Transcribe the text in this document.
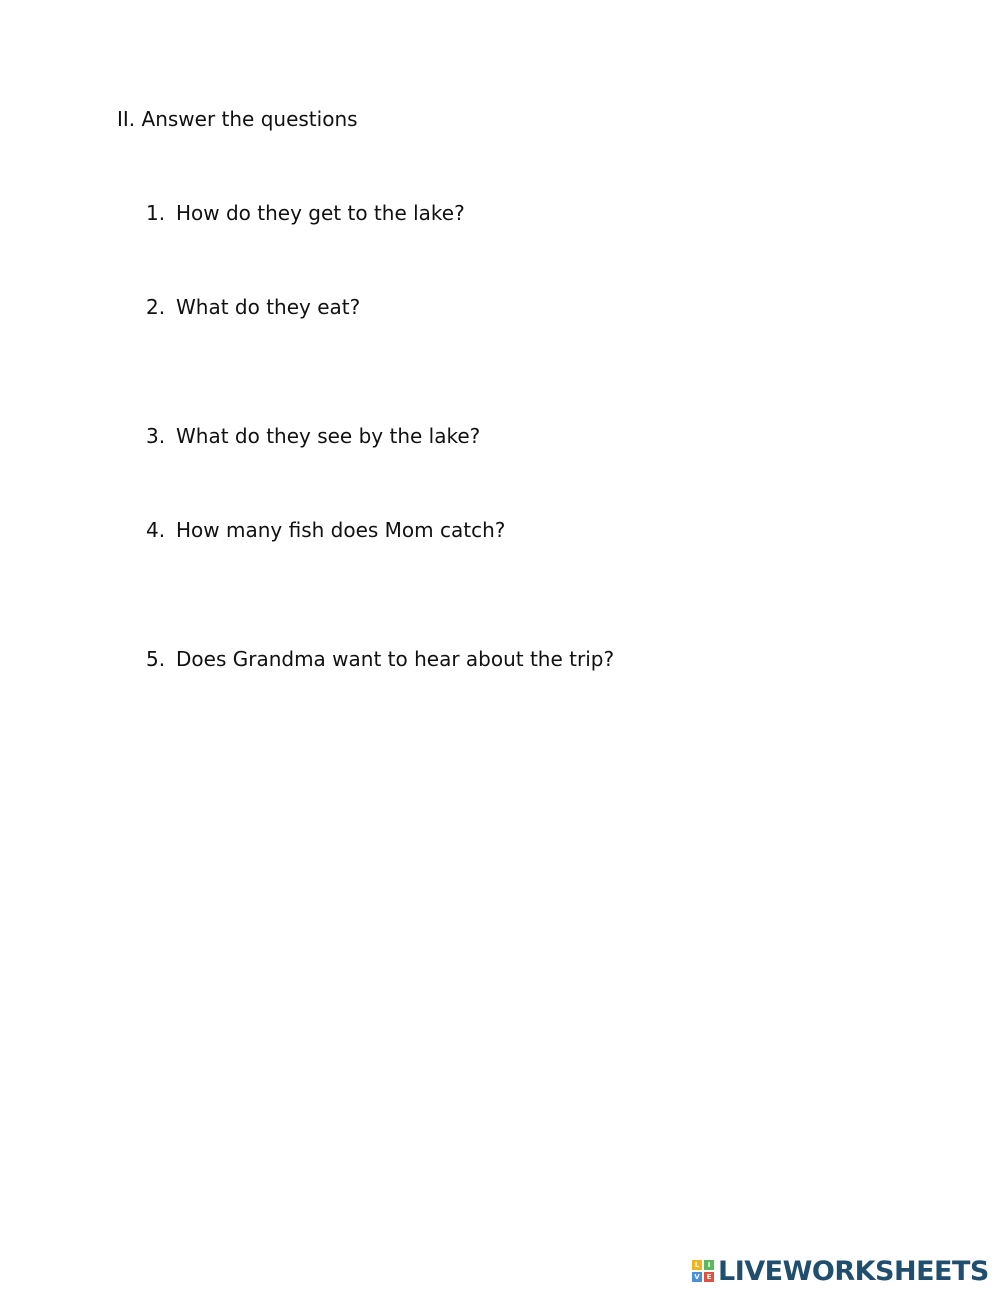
II. Answer the questions
1. How do they get to the lake?
2. What do they eat?
3. What do they see by the lake?
4. How many fish does Mom catch?
5. Does Grandma want to hear about the trip?
L	I
V E LIVEWORKSHEETS
